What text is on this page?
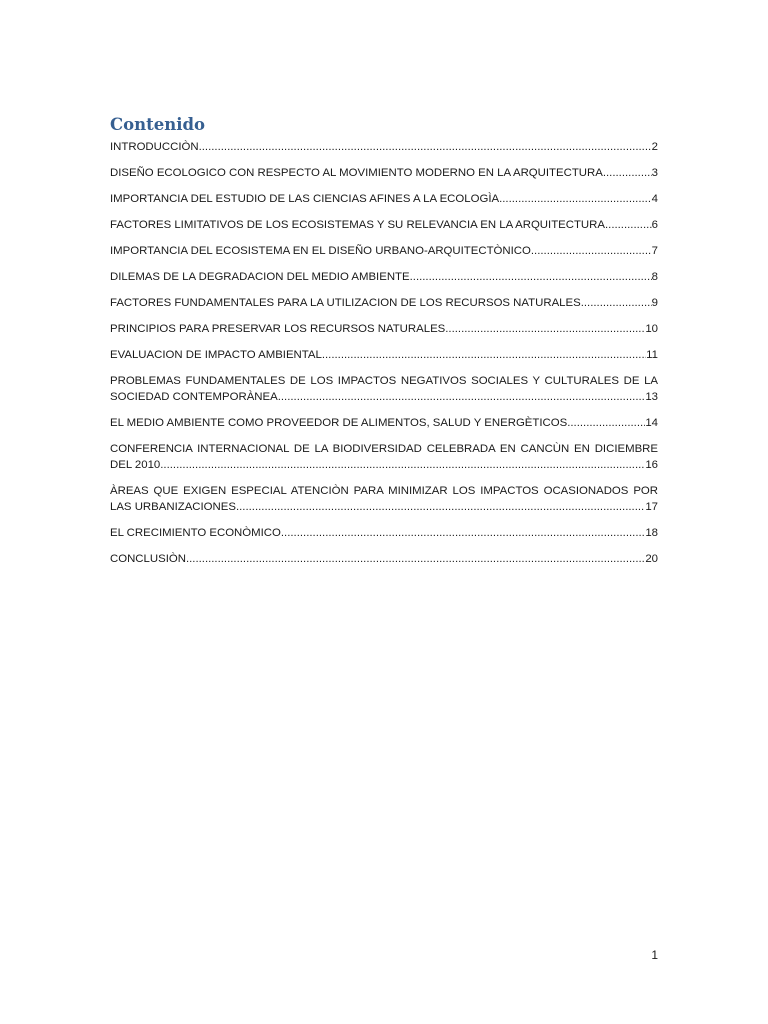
Contenido
INTRODUCCIÒN .....	2
DISEÑO ECOLOGICO CON RESPECTO AL MOVIMIENTO MODERNO EN LA ARQUITECTURA .....	3
IMPORTANCIA DEL ESTUDIO DE LAS CIENCIAS AFINES A LA ECOLOGÌA .....	4
FACTORES LIMITATIVOS DE LOS ECOSISTEMAS Y SU RELEVANCIA EN LA ARQUITECTURA .....	6
IMPORTANCIA DEL ECOSISTEMA EN EL DISEÑO URBANO-ARQUITECTÒNICO .....	7
DILEMAS DE LA DEGRADACION DEL MEDIO AMBIENTE .....	8
FACTORES FUNDAMENTALES PARA LA UTILIZACION DE LOS RECURSOS NATURALES .....	9
PRINCIPIOS PARA PRESERVAR LOS RECURSOS NATURALES .....	10
EVALUACION DE IMPACTO AMBIENTAL .....	11
PROBLEMAS FUNDAMENTALES DE LOS IMPACTOS NEGATIVOS SOCIALES Y CULTURALES DE LA
SOCIEDAD CONTEMPORÀNEA .....	13
EL MEDIO AMBIENTE COMO PROVEEDOR DE ALIMENTOS, SALUD Y ENERGÈTICOS .....	14
CONFERENCIA INTERNACIONAL DE LA BIODIVERSIDAD CELEBRADA EN CANCÙN EN DICIEMBRE
DEL 2010 .....	16
ÀREAS QUE EXIGEN ESPECIAL ATENCIÒN PARA MINIMIZAR LOS IMPACTOS OCASIONADOS POR
LAS URBANIZACIONES .....	17
EL CRECIMIENTO ECONÒMICO .....	18
CONCLUSIÒN .....	20
1
